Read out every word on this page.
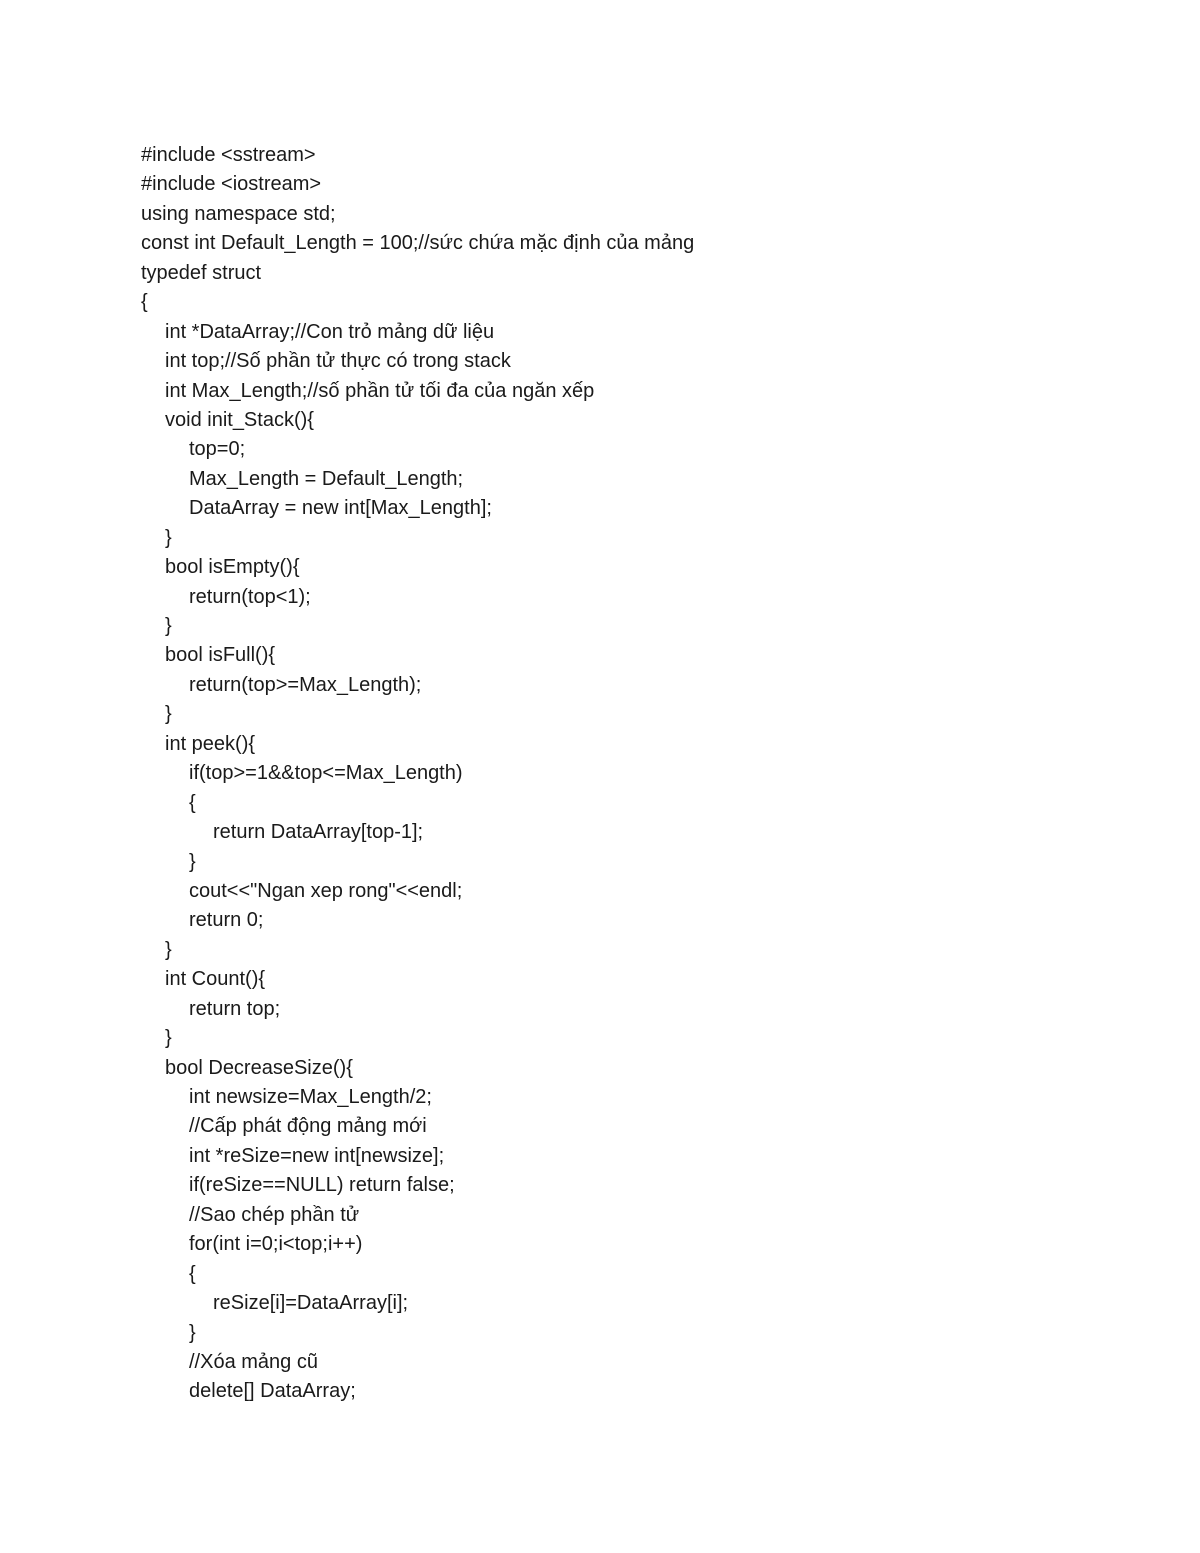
#include <sstream>
#include <iostream>
using namespace std;
const int Default_Length = 100;//sức chứa mặc định của mảng
typedef struct
{
int *DataArray;//Con trỏ mảng dữ liệu
int top;//Số phần tử thực có trong stack
int Max_Length;//số phần tử tối đa của ngăn xếp
void init_Stack(){
top=0;
Max_Length = Default_Length;
DataArray = new int[Max_Length];
}
bool isEmpty(){
return(top<1);
}
bool isFull(){
return(top>=Max_Length);
}
int peek(){
if(top>=1&&top<=Max_Length)
{
return DataArray[top-1];
}
cout<<"Ngan xep rong"<<endl;
return 0;
}
int Count(){
return top;
}
bool DecreaseSize(){
int newsize=Max_Length/2;
//Cấp phát động mảng mới
int *reSize=new int[newsize];
if(reSize==NULL) return false;
//Sao chép phần tử
for(int i=0;i<top;i++)
{
reSize[i]=DataArray[i];
}
//Xóa mảng cũ
delete[] DataArray;
